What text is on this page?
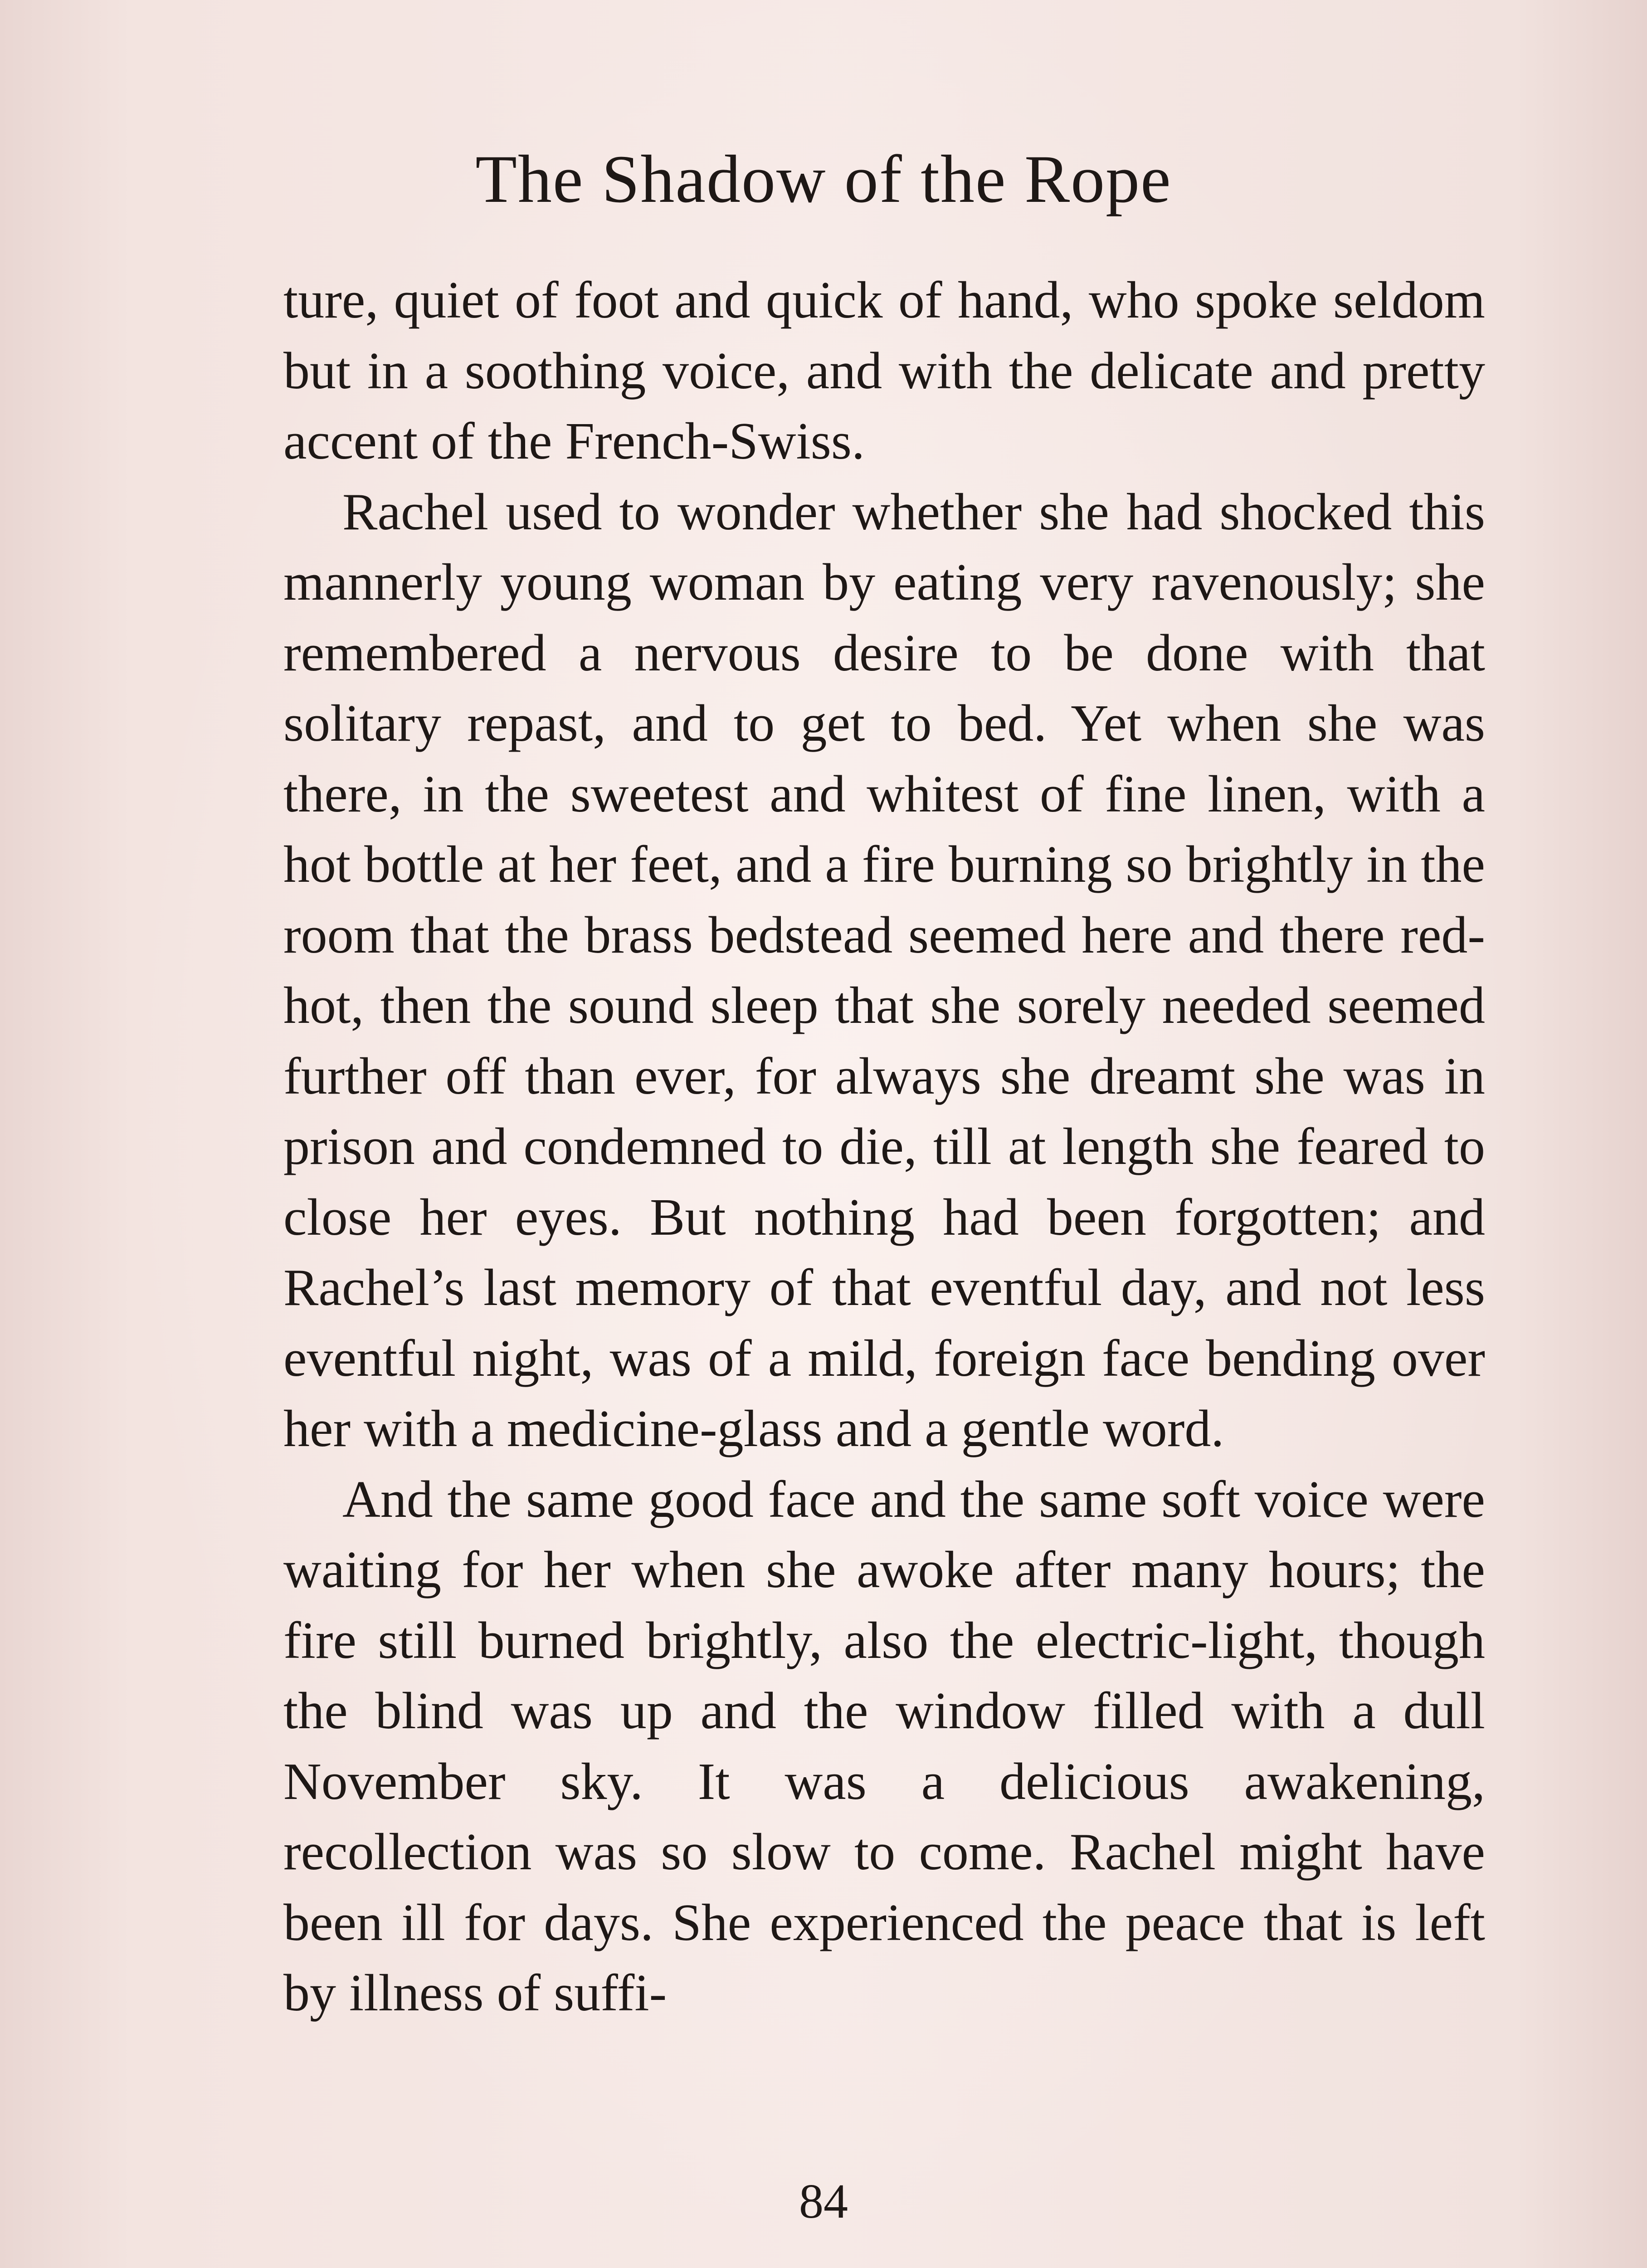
The Shadow of the Rope

ture, quiet of foot and quick of hand, who spoke seldom but in a soothing voice, and with the delicate and pretty accent of the French-Swiss.

Rachel used to wonder whether she had shocked this mannerly young woman by eating very ravenously; she remembered a nervous desire to be done with that solitary repast, and to get to bed. Yet when she was there, in the sweetest and whitest of fine linen, with a hot bottle at her feet, and a fire burning so brightly in the room that the brass bedstead seemed here and there red-hot, then the sound sleep that she sorely needed seemed further off than ever, for always she dreamt she was in prison and condemned to die, till at length she feared to close her eyes. But nothing had been forgotten; and Rachel’s last memory of that eventful day, and not less eventful night, was of a mild, foreign face bending over her with a medicine-glass and a gentle word.

And the same good face and the same soft voice were waiting for her when she awoke after many hours; the fire still burned brightly, also the electric-light, though the blind was up and the window filled with a dull November sky. It was a delicious awakening, recollection was so slow to come. Rachel might have been ill for days. She experienced the peace that is left by illness of suffi-

84
